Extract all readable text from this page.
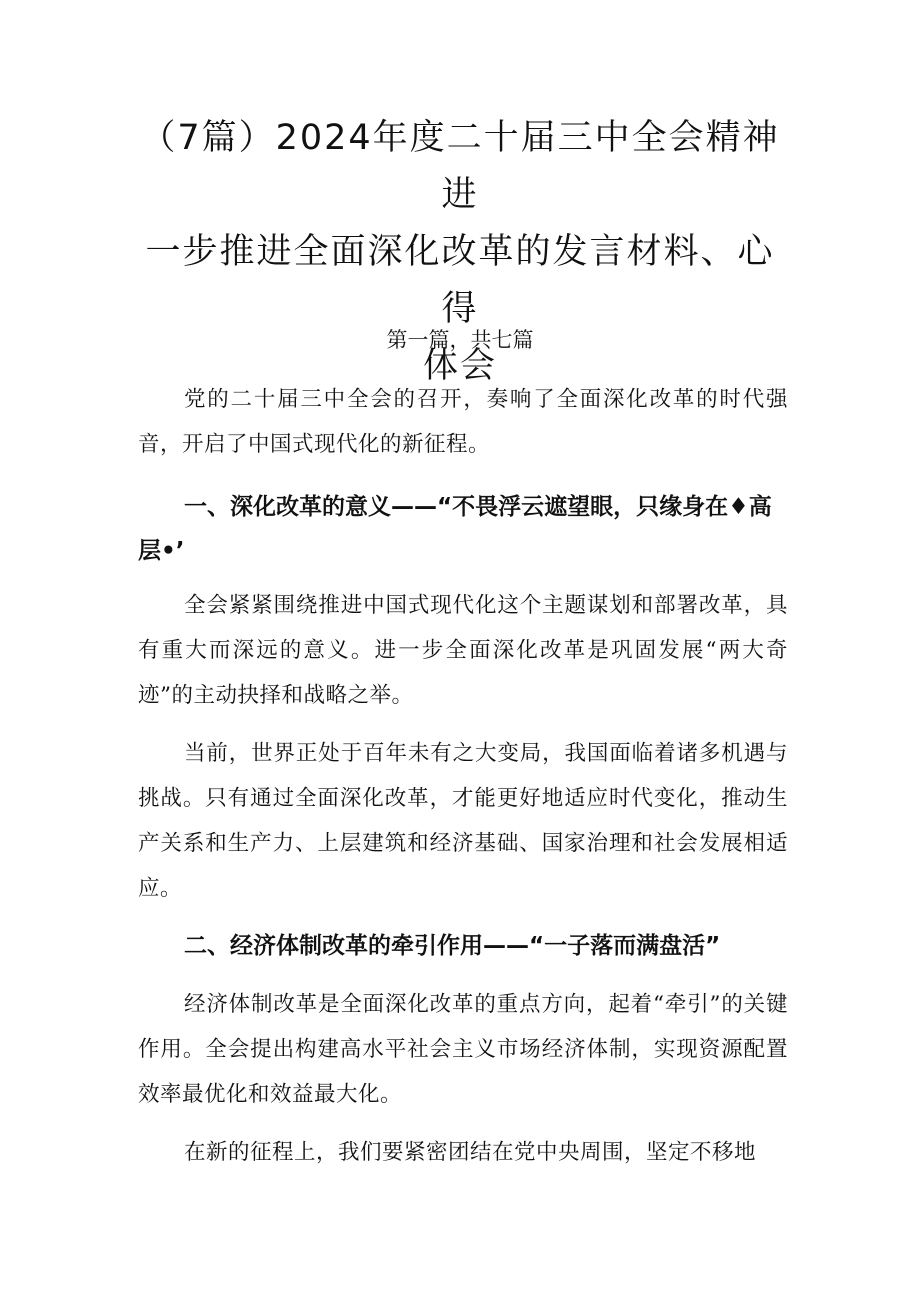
（7篇）2024年度二十届三中全会精神进
一步推进全面深化改革的发言材料、心得
体会

第一篇，共七篇

党的二十届三中全会的召开，奏响了全面深化改革的时代强音，开启了中国式现代化的新征程。

一、深化改革的意义——“不畏浮云遮望眼，只缘身在♦高层•’

全会紧紧围绕推进中国式现代化这个主题谋划和部署改革，具有重大而深远的意义。进一步全面深化改革是巩固发展“两大奇迹”的主动抉择和战略之举。

当前，世界正处于百年未有之大变局，我国面临着诸多机遇与挑战。只有通过全面深化改革，才能更好地适应时代变化，推动生产关系和生产力、上层建筑和经济基础、国家治理和社会发展相适应。

二、经济体制改革的牵引作用——“一子落而满盘活”

经济体制改革是全面深化改革的重点方向，起着“牵引”的关键作用。全会提出构建高水平社会主义市场经济体制，实现资源配置效率最优化和效益最大化。

在新的征程上，我们要紧密团结在党中央周围，坚定不移地
